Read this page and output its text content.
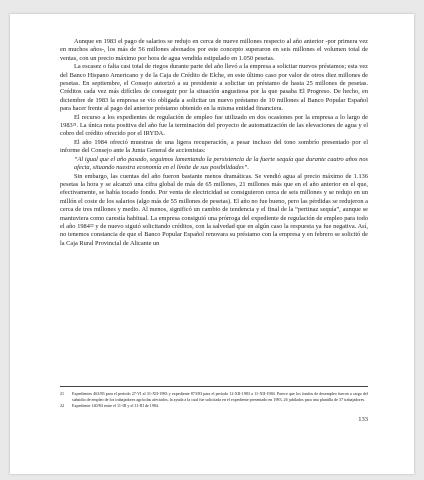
Aunque en 1983 el pago de salarios se redujo en cerca de nueve millones respecto al año anterior -por primera vez en muchos años-, los más de 56 millones abonados por este concepto superaron en seis millones el volumen total de ventas, con un precio máximo por hora de agua vendida estipulado en 1.050 pesetas.

La escasez o falta casi total de riegos durante parte del año llevó a la empresa a solicitar nuevos préstamos; esta vez del Banco Hispano Americano y de la Caja de Crédito de Elche, en este último caso por valor de otros diez millones de pesetas. En septiembre, el Consejo autorizó a su presidente a solicitar un préstamo de hasta 25 millones de pesetas. Créditos cada vez más difíciles de conseguir por la situación angustiosa por la que pasaba El Progreso. De hecho, en diciembre de 1983 la empresa se vio obligada a solicitar un nuevo préstamo de 10 millones al Banco Popular Español para hacer frente al pago del anterior préstamo obtenido en la misma entidad financiera.

El recurso a los expedientes de regulación de empleo fue utilizado en dos ocasiones por la empresa a lo largo de 1983²¹. La única nota positiva del año fue la terminación del proyecto de automatización de las elevaciones de agua y el cobro del crédito ofrecido por el IRYDA.

El año 1984 ofreció muestras de una ligera recuperación, a pesar incluso del tono sombrío presentado por el informe del Consejo ante la Junta General de accionistas:

“Al igual que el año pasado, seguimos lamentando la persistencia de la fuerte sequía que durante cuatro años nos afecta, situando nuestra economía en el límite de sus posibilidades”.

Sin embargo, las cuentas del año fueron bastante menos dramáticas. Se vendió agua al precio máximo de 1.136 pesetas la hora y se alcanzó una cifra global de más de 65 millones, 21 millones más que en el año anterior en el que, efectivamente, se había tocado fondo. Por venta de electricidad se consiguieron cerca de seis millones y se redujo en un millón el coste de los salarios (algo más de 55 millones de pesetas). El año no fue bueno, pero las pérdidas se redujeron a cerca de tres millones y medio. Al menos, significó un cambio de tendencia y el final de la “pertinaz sequía”, aunque se mantuviera como carestía habitual. La empresa consiguió una prórroga del expediente de regulación de empleo para todo el año 1984²² y de nuevo siguió solicitando créditos, con la salvedad que en algún caso la respuesta ya fue negativa. Así, no tenemos constancia de que el Banco Popular Español renovara su préstamo con la empresa y en febrero se solicitó de la Caja Rural Provincial de Alicante un

21	Expedientes 463/83 para el período 27-VI al 31-XII-1983 y expediente 873/83 para el período 12-XII-1983 a 11-XII-1984. Parece que los fondos de desempleo fueron a cargo del subsidio de empleo de los trabajadores agrícolas afectados, la ayuda a la cual fue solicitada en el expediente presentado en 1983, 26 jubilados para una plantilla de 37 trabajadores.
22	Expediente 140/84 entre el 11-III y el 11-III de 1984.
133
